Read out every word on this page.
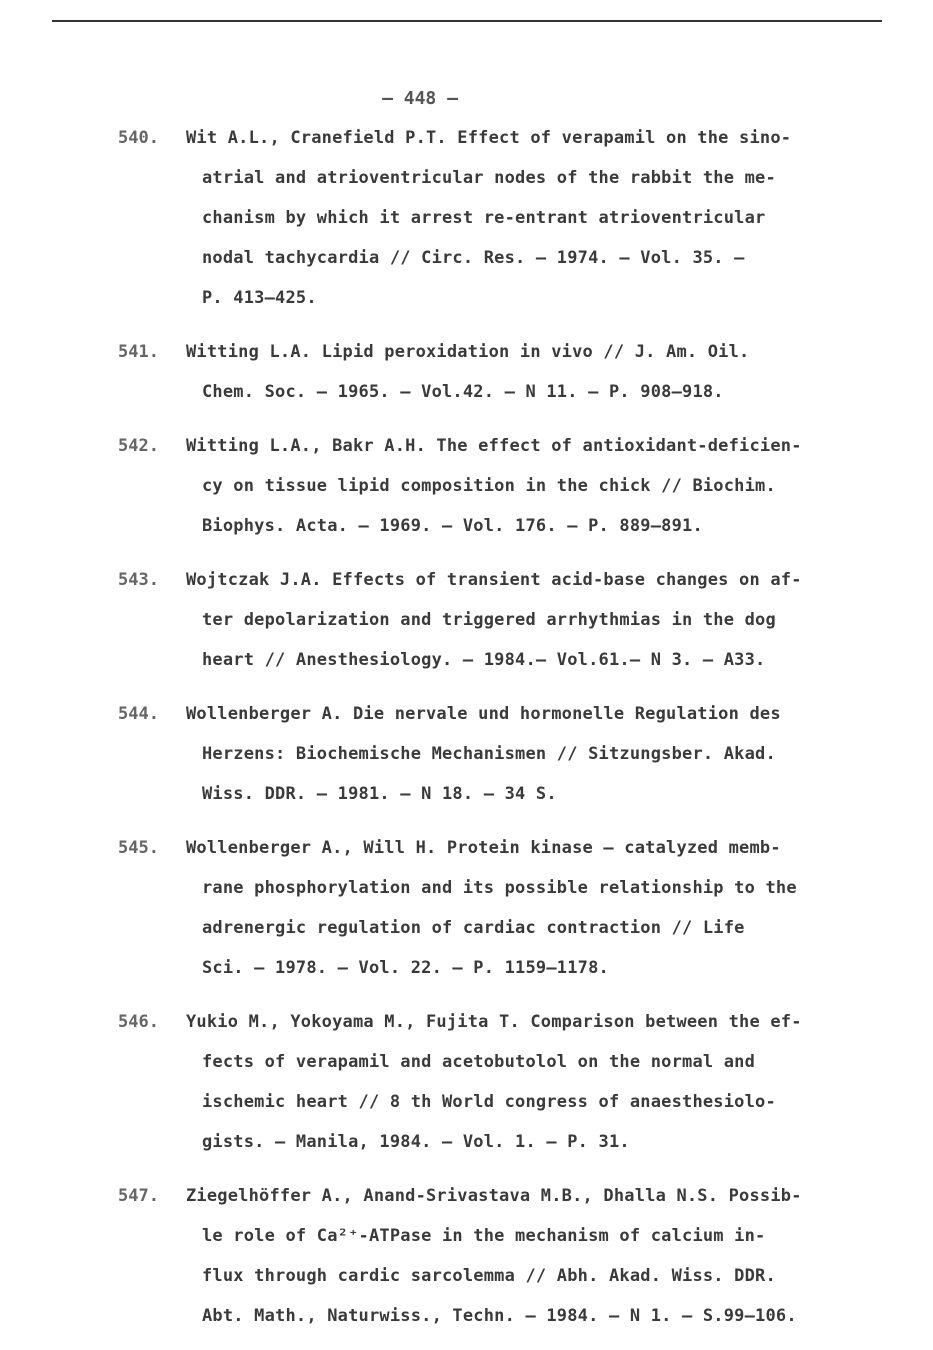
– 448 –
540.	Wit A.L., Cranefield P.T. Effect of verapamil on the sino-
atrial and atrioventricular nodes of the rabbit the me-
chanism by which it arrest re-entrant atrioventricular
nodal tachycardia // Circ. Res. – 1974. – Vol. 35. –
P. 413–425.
541.	Witting L.A. Lipid peroxidation in vivo // J. Am. Oil.
Chem. Soc. – 1965. – Vol.42. – N 11. – P. 908–918.
542.	Witting L.A., Bakr A.H. The effect of antioxidant-deficien-
cy on tissue lipid composition in the chick // Biochim.
Biophys. Acta. – 1969. – Vol. 176. – P. 889–891.
543.	Wojtczak J.A. Effects of transient acid-base changes on af-
ter depolarization and triggered arrhythmias in the dog
heart // Anesthesiology. – 1984.– Vol.61.– N 3. – A33.
544.	Wollenberger A. Die nervale und hormonelle Regulation des
Herzens: Biochemische Mechanismen // Sitzungsber. Akad.
Wiss. DDR. – 1981. – N 18. – 34 S.
545.	Wollenberger A., Will H. Protein kinase – catalyzed memb-
rane phosphorylation and its possible relationship to the
adrenergic regulation of cardiac contraction // Life
Sci. – 1978. – Vol. 22. – P. 1159–1178.
546.	Yukio M., Yokoyama M., Fujita T. Comparison between the ef-
fects of verapamil and acetobutolol on the normal and
ischemic heart // 8 th World congress of anaesthesiolo-
gists. – Manila, 1984. – Vol. 1. – P. 31.
547.	Ziegelhöffer A., Anand-Srivastava M.B., Dhalla N.S. Possib-
le role of Ca²⁺-ATPase in the mechanism of calcium in-
flux through cardic sarcolemma // Abh. Akad. Wiss. DDR.
Abt. Math., Naturwiss., Techn. – 1984. – N 1. – S.99–106.
